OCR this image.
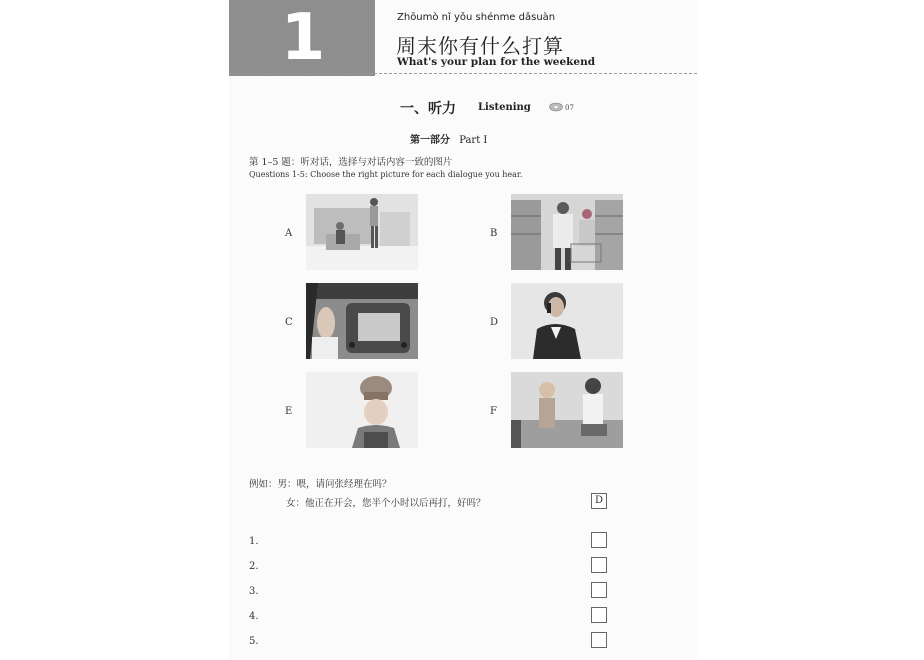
1	Zhōumò nǐ yǒu shénme dǎsuàn
周末你有什么打算
What's your plan for the weekend
一、听力 Listening	07
第一部分 Part Ⅰ
第 1–5 题：听对话，选择与对话内容一致的图片
Questions 1-5: Choose the right picture for each dialogue you hear.
A	B
C	D
E	F
例如：男：喂，请问张经理在吗？
女：他正在开会，您半个小时以后再打，好吗？	D
1.
2.
3.
4.
5.
